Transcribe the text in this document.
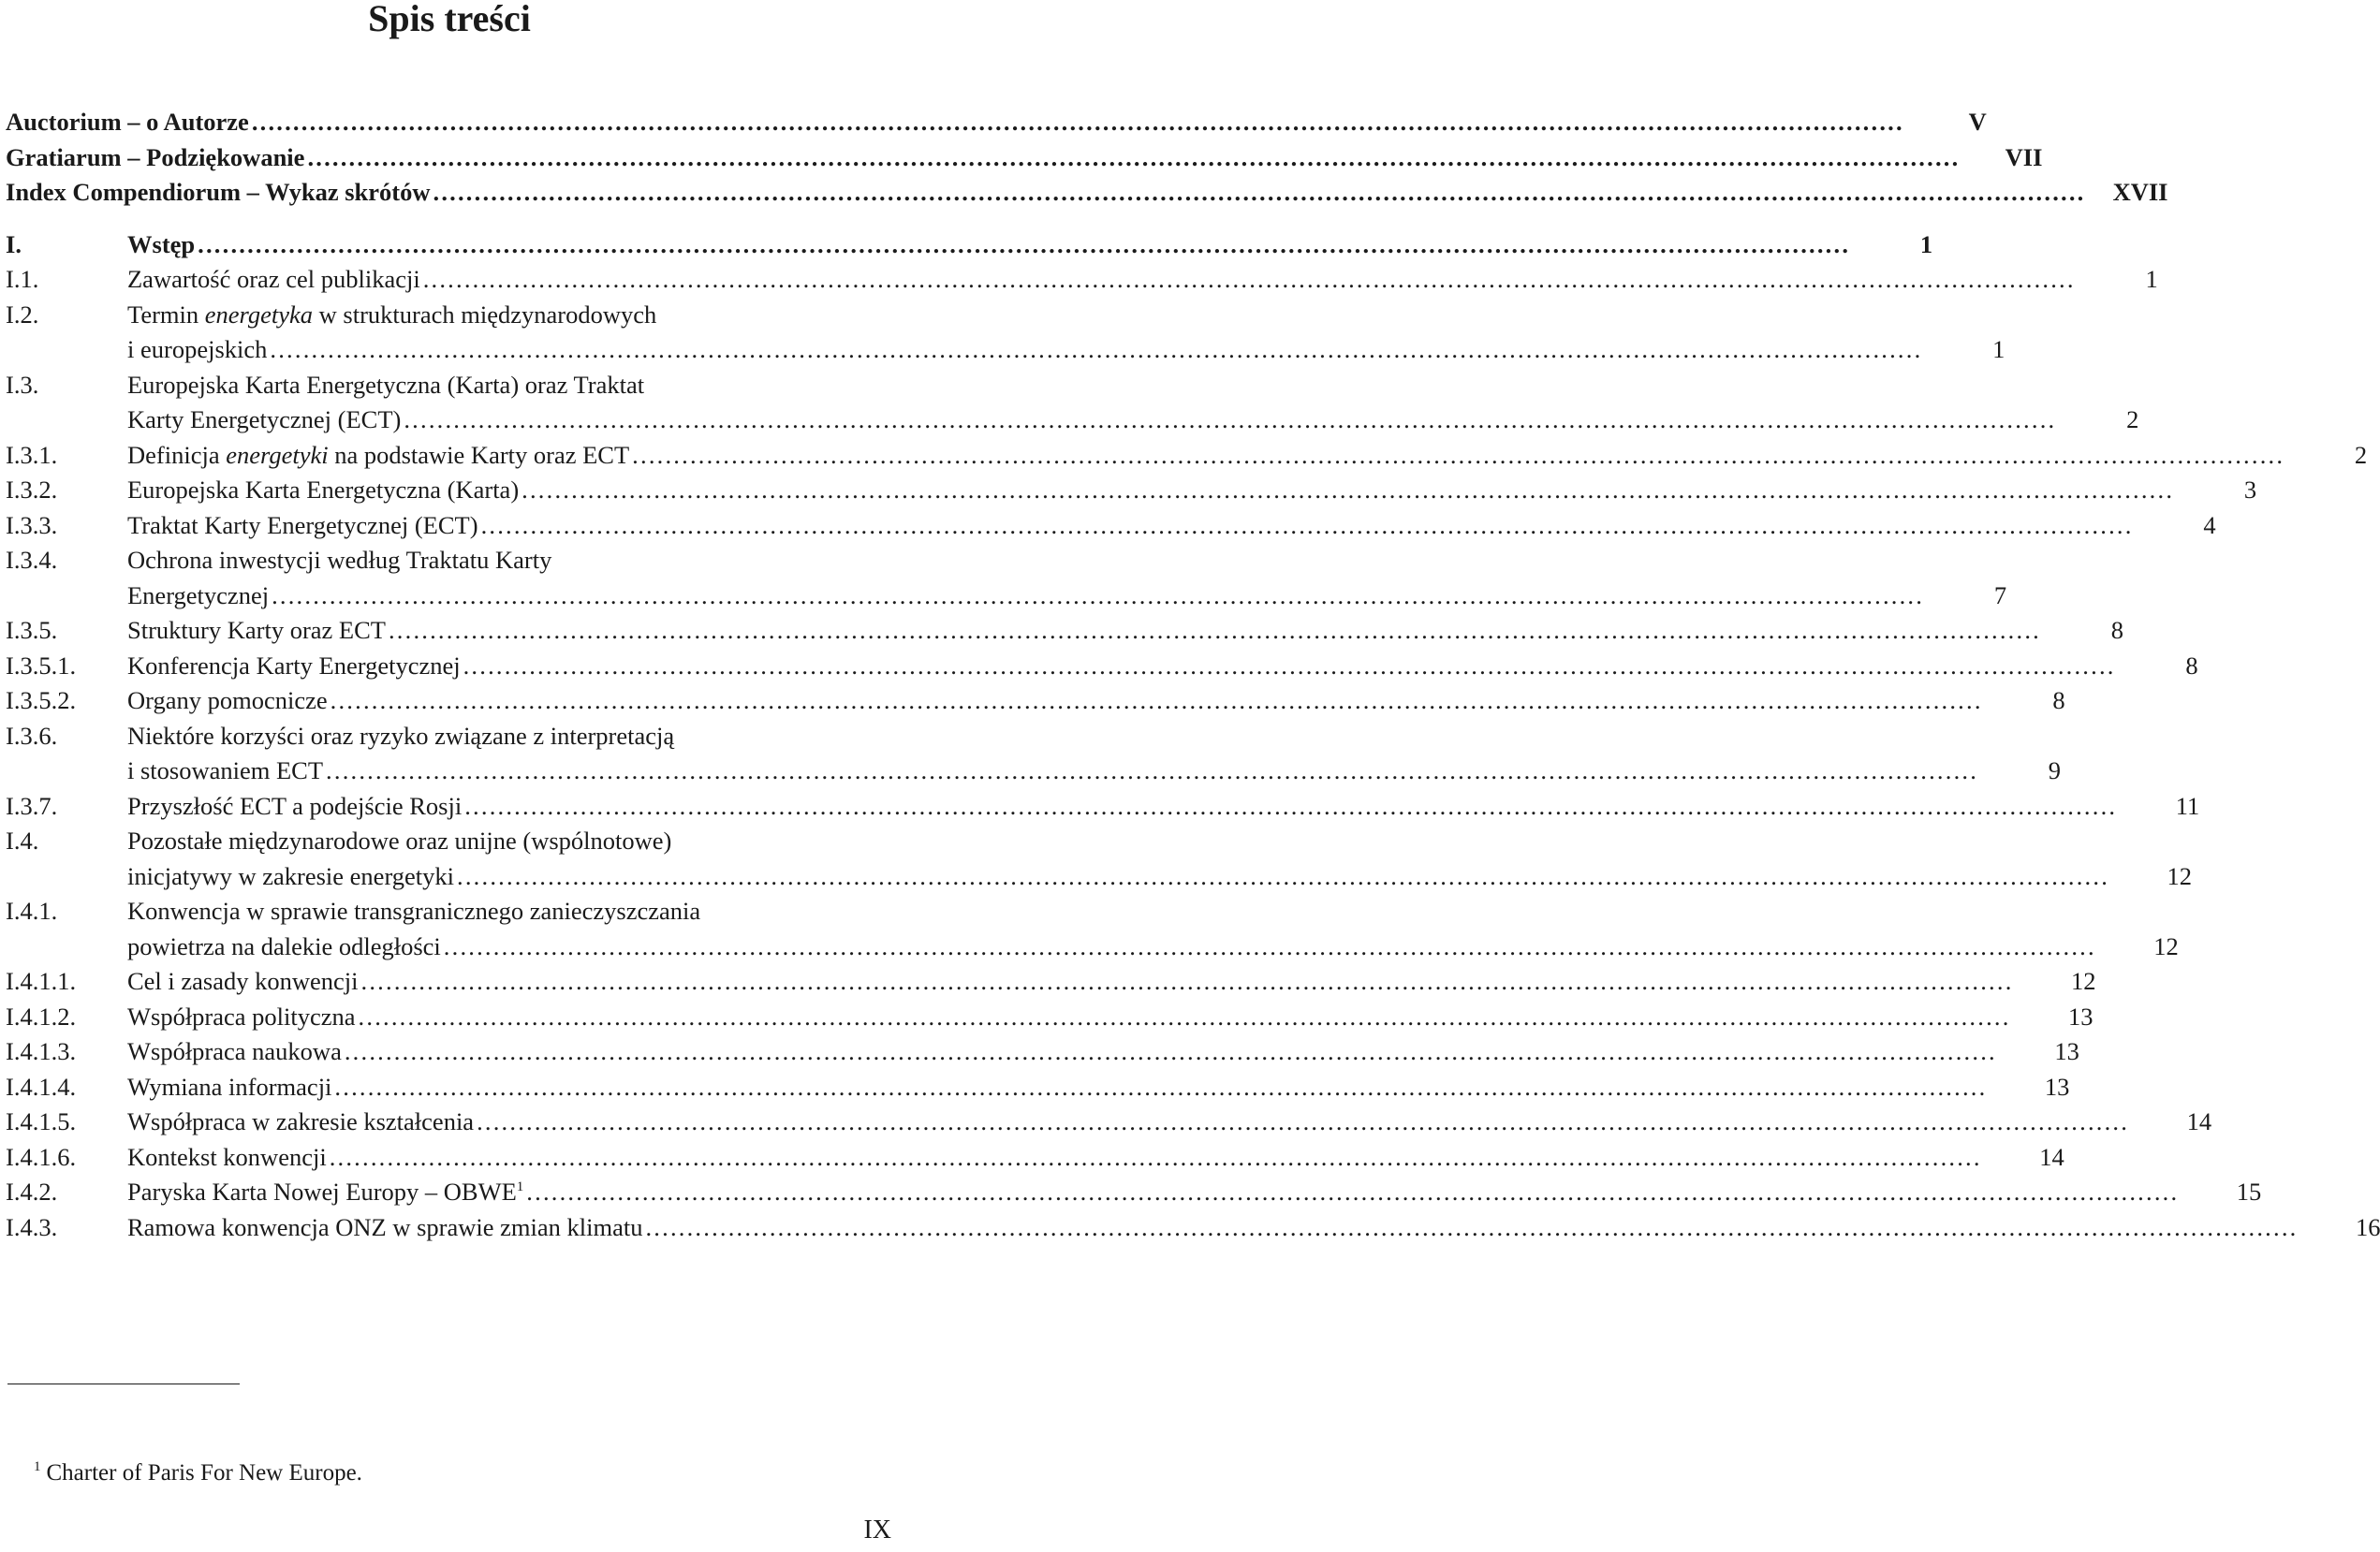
Spis treści
Auctorium – o Autorze ........................................................................................................................................................................................................	V
Gratiarum – Podziękowanie ........................................................................................................................................................................................................	VII
Index Compendiorum – Wykaz skrótów ........................................................................................................................................................................................................	XVII
I.	Wstęp ........................................................................................................................................................................................................	1
I.1.	Zawartość oraz cel publikacji ........................................................................................................................................................................................................	1
I.2.	Termin energetyka w strukturach międzynarodowych
i europejskich ........................................................................................................................................................................................................	1
I.3.	Europejska Karta Energetyczna (Karta) oraz Traktat
Karty Energetycznej (ECT) ........................................................................................................................................................................................................	2
I.3.1.	Definicja energetyki na podstawie Karty oraz ECT ........................................................................................................................................................................................................	2
I.3.2.	Europejska Karta Energetyczna (Karta) ........................................................................................................................................................................................................	3
I.3.3.	Traktat Karty Energetycznej (ECT) ........................................................................................................................................................................................................	4
I.3.4.	Ochrona inwestycji według Traktatu Karty
Energetycznej ........................................................................................................................................................................................................	7
I.3.5.	Struktury Karty oraz ECT ........................................................................................................................................................................................................	8
I.3.5.1.	Konferencja Karty Energetycznej ........................................................................................................................................................................................................	8
I.3.5.2.	Organy pomocnicze ........................................................................................................................................................................................................	8
I.3.6.	Niektóre korzyści oraz ryzyko związane z interpretacją
i stosowaniem ECT ........................................................................................................................................................................................................	9
I.3.7.	Przyszłość ECT a podejście Rosji ........................................................................................................................................................................................................	11
I.4.	Pozostałe międzynarodowe oraz unijne (wspólnotowe)
inicjatywy w zakresie energetyki ........................................................................................................................................................................................................	12
I.4.1.	Konwencja w sprawie transgranicznego zanieczyszczania
powietrza na dalekie odległości ........................................................................................................................................................................................................	12
I.4.1.1.	Cel i zasady konwencji ........................................................................................................................................................................................................	12
I.4.1.2.	Współpraca polityczna ........................................................................................................................................................................................................	13
I.4.1.3.	Współpraca naukowa ........................................................................................................................................................................................................	13
I.4.1.4.	Wymiana informacji ........................................................................................................................................................................................................	13
I.4.1.5.	Współpraca w zakresie kształcenia ........................................................................................................................................................................................................	14
I.4.1.6.	Kontekst konwencji ........................................................................................................................................................................................................	14
I.4.2.	Paryska Karta Nowej Europy – OBWE$^1$ ........................................................................................................................................................................................................	15
I.4.3.	Ramowa konwencja ONZ w sprawie zmian klimatu ........................................................................................................................................................................................................	16
$^1$ Charter of Paris For New Europe.
IX
